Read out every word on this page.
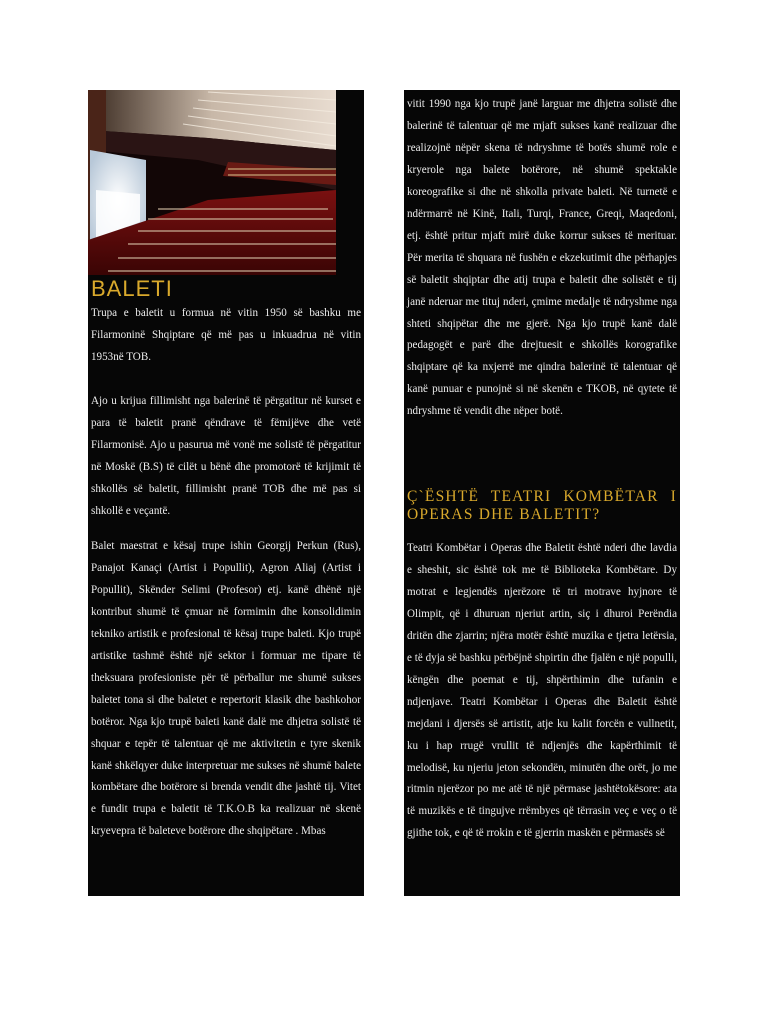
BALETI

Trupa e baletit u formua në vitin 1950 së bashku me Filarmoninë Shqiptare që më pas u inkuadrua në vitin 1953në TOB.

Ajo u krijua fillimisht nga balerinë të përgatitur në kurset e para të baletit pranë qëndrave të fëmijëve dhe vetë Filarmonisë. Ajo u pasurua më vonë me solistë të përgatitur në Moskë (B.S) të cilët u bënë dhe promotorë të krijimit të shkollës së baletit, fillimisht pranë TOB dhe më pas si shkollë e veçantë.

Balet maestrat e kësaj trupe ishin Georgij Perkun (Rus), Panajot Kanaçi (Artist i Popullit), Agron Aliaj (Artist i Popullit), Skënder Selimi (Profesor) etj. kanë dhënë një kontribut shumë të çmuar në formimin dhe konsolidimin teknikо artistik e profesional të kësaj trupe baleti. Kjo trupë artistike tashmë është një sektor i formuar me tipare të theksuara profesioniste për të përballur me shumë sukses baletet tona si dhe baletet e repertorit klasik dhe bashkohor botëror. Nga kjo trupë baleti kanë dalë me dhjetra solistë të shquar e tepër të talentuar që me aktivitetin e tyre skenik kanë shkëlqyer duke interpretuar me sukses në shumë balete kombëtare dhe botërore si brenda vendit dhe jashtë tij. Vitet e fundit trupa e baletit të T.K.O.B ka realizuar në skenë kryevepra të baleteve botërore dhe shqipëtare . Mbas

vitit 1990 nga kjo trupë janë larguar me dhjetra solistë dhe balerinë të talentuar që me mjaft sukses kanë realizuar dhe realizojnë nëpër skena të ndryshme të botës shumë role e kryerole nga balete botërore, në shumë spektakle koreografike si dhe në shkolla private baleti. Në turnetë e ndërmarrë në Kinë, Itali, Turqi, France, Greqi, Maqedoni, etj. është pritur mjaft mirë duke korrur sukses të merituar. Për merita të shquara në fushën e ekzekutimit dhe përhapjes së baletit shqiptar dhe atij trupa e baletit dhe solistët e tij janë nderuar me tituj nderi, çmime medalje të ndryshme nga shteti shqipëtar dhe me gjerë. Nga kjo trupë kanë dalë pedagogët e parë dhe drejtuesit e shkollës korografike shqiptare që ka nxjerrë me qindra balerinë të talentuar që kanë punuar e punojnë si në skenën e TKOB, në qytete të ndryshme të vendit dhe nëper botë.

Ç`ËSHTË TEATRI KOMBËTAR I OPERAS DHE BALETIT?

Teatri Kombëtar i Operas dhe Baletit është nderi dhe lavdia e sheshit, sic është tok me të Biblioteka Kombëtare. Dy motrat e legjendës njerëzore të tri motrave hyjnore të Olimpit, që i dhuruan njeriut artin, siç i dhuroi Perëndia dritën dhe zjarrin; njëra motër është muzika e tjetra letërsia, e të dyja së bashku përbëjnë shpirtin dhe fjalën e një populli, këngën dhe poemat e tij, shpërthimin dhe tufanin e ndjenjave. Teatri Kombëtar i Operas dhe Baletit është mejdani i djersës së artistit, atje ku kalit forcën e vullnetit, ku i hap rrugë vrullit të ndjenjës dhe kapërthimit të melodisë, ku njeriu jeton sekondën, minutën dhe orët, jo me ritmin njerëzor po me atë të një përmase jashtëtokësore: ata të muzikës e të tingujve rrëmbyes që tërrasin veç e veç o të gjithe tok, e që të rrokin e të gjerrin maskën e përmasës së
